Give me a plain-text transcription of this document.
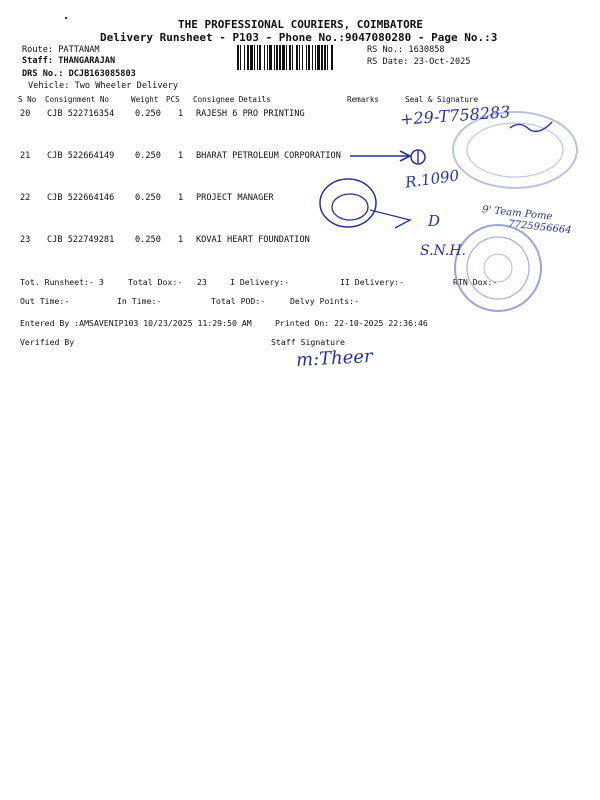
THE PROFESSIONAL COURIERS, COIMBATORE
Delivery Runsheet - P103 - Phone No.:9047080280 - Page No.:3
Route: PATTANAM
Staff: THANGARAJAN
DRS No.: DCJB163085803
Vehicle: Two Wheeler Delivery
RS No.: 1630858
RS Date: 23-Oct-2025
S No Consignment No	Weight PCS Consignee Details	Remarks	Seal & Signature
20 CJB 522716354 0.250 1 RAJESH 6 PRO PRINTING
21 CJB 522664149 0.250 1 BHARAT PETROLEUM CORPORATION
22 CJB 522664146 0.250 1 PROJECT MANAGER
23 CJB 522749281 0.250 1 KOVAI HEART FOUNDATION
Tot. Runsheet:- 3	Total Dox:- 23	I Delivery:-	II Delivery:-	RTN Dox:-
Out Time:-	In Time:-	Total POD:-	Delvy Points:-
Entered By :AMSAVENIP103 10/23/2025 11:29:50 AM	Printed On: 22-10-2025 22:36:46
Verified By	Staff Signature
+29-T758283
R.1090
9' Team Pome
7725956664
D
S.N.H.
m:Theer
